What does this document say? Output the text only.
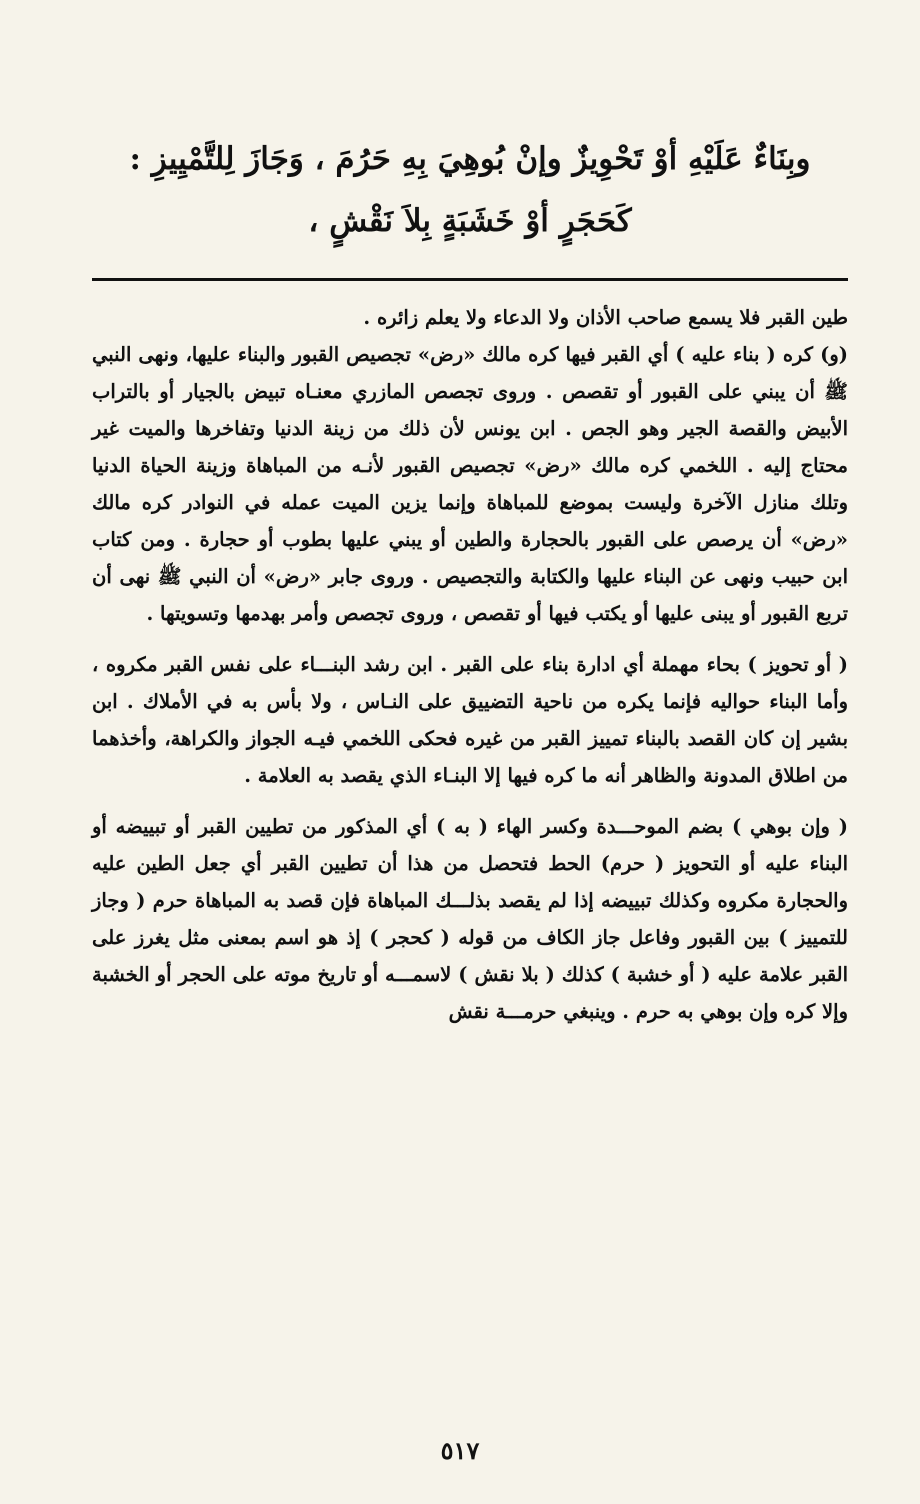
وبِنَاءٌ عَلَيْهِ أوْ تَحْوِيزٌ وإنْ بُوهِيَ بِهِ حَرُمَ ، وَجَازَ لِلتَّمْيِيزِ :
كَحَجَرٍ أوْ خَشَبَةٍ بِلاَ نَقْشٍ ،

طين القبر فلا يسمع صاحب الأذان ولا الدعاء ولا يعلم زائره .

(و) كره ( بناء عليه ) أي القبر فيها كره مالك «رض» تجصيص القبور والبناء عليها، ونهى النبي ﷺ أن يبني على القبور أو تقصص . وروى تجصص المازري معنـاه تبيض بالجيار أو بالتراب الأبيض والقصة الجير وهو الجص . ابن يونس لأن ذلك من زينة الدنيا وتفاخرها والميت غير محتاج إليه . اللخمي كره مالك «رض» تجصيص القبور لأنـه من المباهاة وزينة الحياة الدنيا وتلك منازل الآخرة وليست بموضع للمباهاة وإنما يزين الميت عمله في النوادر كره مالك «رض» أن يرصص على القبور بالحجارة والطين أو يبني عليها بطوب أو حجارة . ومن كتاب ابن حبيب ونهى عن البناء عليها والكتابة والتجصيص . وروى جابر «رض» أن النبي ﷺ نهى أن تربع القبور أو يبنى عليها أو يكتب فيها أو تقصص ، وروى تجصص وأمر بهدمها وتسويتها .

( أو تحويز ) بحاء مهملة أي ادارة بناء على القبر . ابن رشد البنـــاء على نفس القبر مكروه ، وأما البناء حواليه فإنما يكره من ناحية التضييق على النـاس ، ولا بأس به في الأملاك . ابن بشير إن كان القصد بالبناء تمييز القبر من غيره فحكى اللخمي فيـه الجواز والكراهة، وأخذهما من اطلاق المدونة والظاهر أنه ما كره فيها إلا البنـاء الذي يقصد به العلامة .

( وإن بوهي ) بضم الموحـــدة وكسر الهاء ( به ) أي المذكور من تطيين القبر أو تبييضه أو البناء عليه أو التحويز ( حرم) الحط فتحصل من هذا أن تطيين القبر أي جعل الطين عليه والحجارة مكروه وكذلك تبييضه إذا لم يقصد بذلـــك المباهاة فإن قصد به المباهاة حرم ( وجاز للتمييز ) بين القبور وفاعل جاز الكاف من قوله ( كحجر ) إذ هو اسم بمعنى مثل يغرز على القبر علامة عليه ( أو خشبة ) كذلك ( بلا نقش ) لاسمـــه أو تاريخ موته على الحجر أو الخشبة وإلا كره وإن بوهي به حرم . وينبغي حرمـــة نقش

٥١٧
